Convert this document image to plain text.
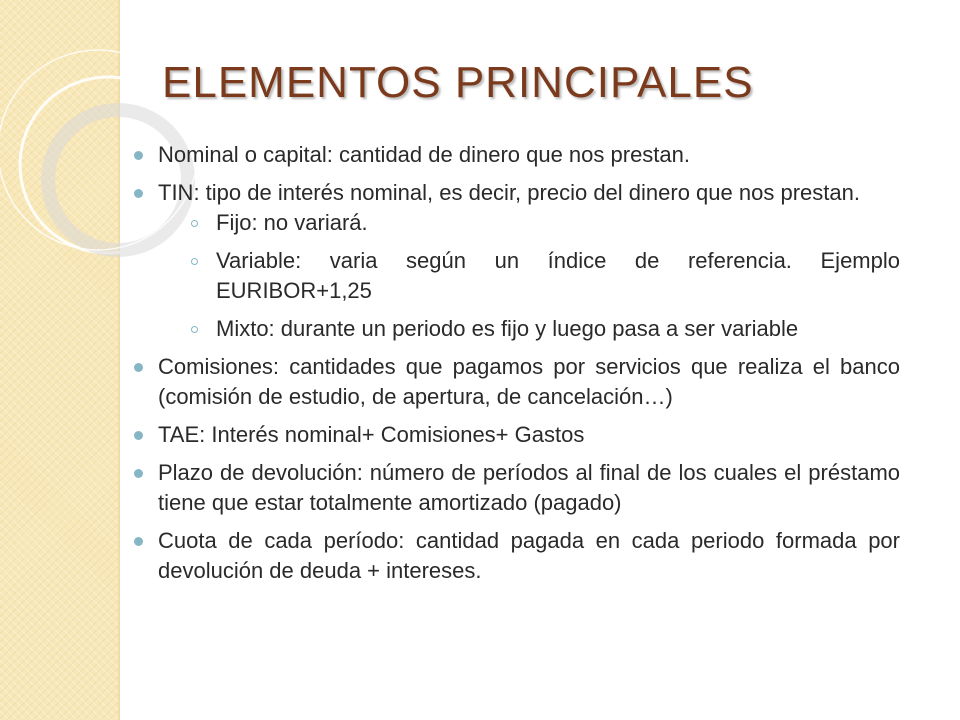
ELEMENTOS PRINCIPALES
Nominal o capital: cantidad de dinero que nos prestan.
TIN: tipo de interés nominal, es decir, precio del dinero que nos prestan.
Fijo: no variará.
Variable: varia según un índice de referencia. Ejemplo EURIBOR+1,25
Mixto: durante un periodo es fijo y luego pasa a ser variable
Comisiones: cantidades que pagamos por servicios que realiza el banco (comisión de estudio, de apertura, de cancelación…)
TAE: Interés nominal+ Comisiones+ Gastos
Plazo de devolución: número de períodos al final de los cuales el préstamo tiene que estar totalmente amortizado (pagado)
Cuota de cada período: cantidad pagada en cada periodo formada por devolución de deuda + intereses.
